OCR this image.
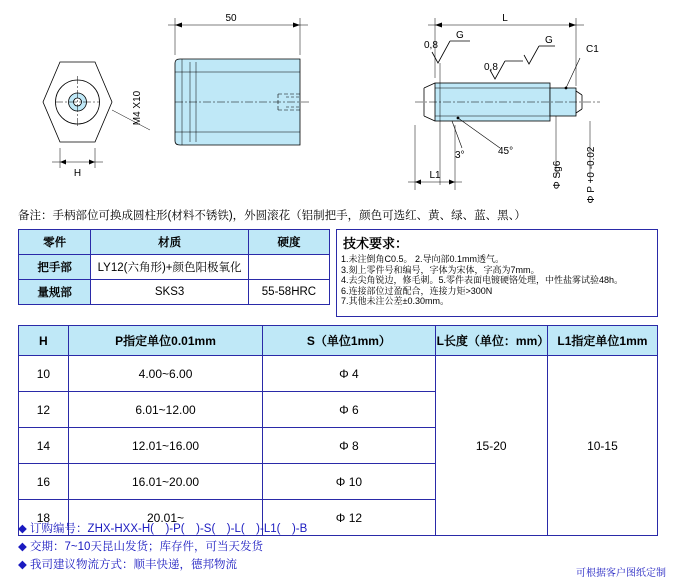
50	L
L1
H
M4 X10
C1
0,8
0,8
G	G
45°
3°
Φ Sg6 Φ P +0 -0.02
备注：手柄部位可换成圆柱形(材料不锈铁)，外圆滚花（铝制把手，颜色可选红、黄、绿、蓝、黑、）
零件	材质	硬度
把手部	LY12(六角形)+颜色阳极氧化	
量规部	SKS3	55-58HRC
技术要求：
1.未注倒角C0.5。 2.导向部0.1mm透气。
3.刻上零件号和编号，字体为宋体，字高为7mm。
4.去尖角锐边，修毛刺。5.零件表面电镀硬铬处理，中性盐雾试验48h。
6.连接部位过盈配合，连接力矩>300N
7.其他未注公差±0.30mm。
H	P指定单位0.01mm	S（单位1mm）	L长度（单位：mm）	L1指定单位1mm
10	4.00~6.00	Φ 4	15-20	10-15
12	6.01~12.00	Φ 6		
14	12.01~16.00	Φ 8		
16	16.01~20.00	Φ 10		
18	20.01~	Φ 12		
◆ 订购编号：ZHX-HXX-H(　)-P(　)-S(　)-L(　)-L1(　)-B
◆ 交឵期：7~10天昆山发货；库存件，可当天发货
◆ 我司建议物流方式：顺丰快递，德邦物流
可根据客户图纸定制
